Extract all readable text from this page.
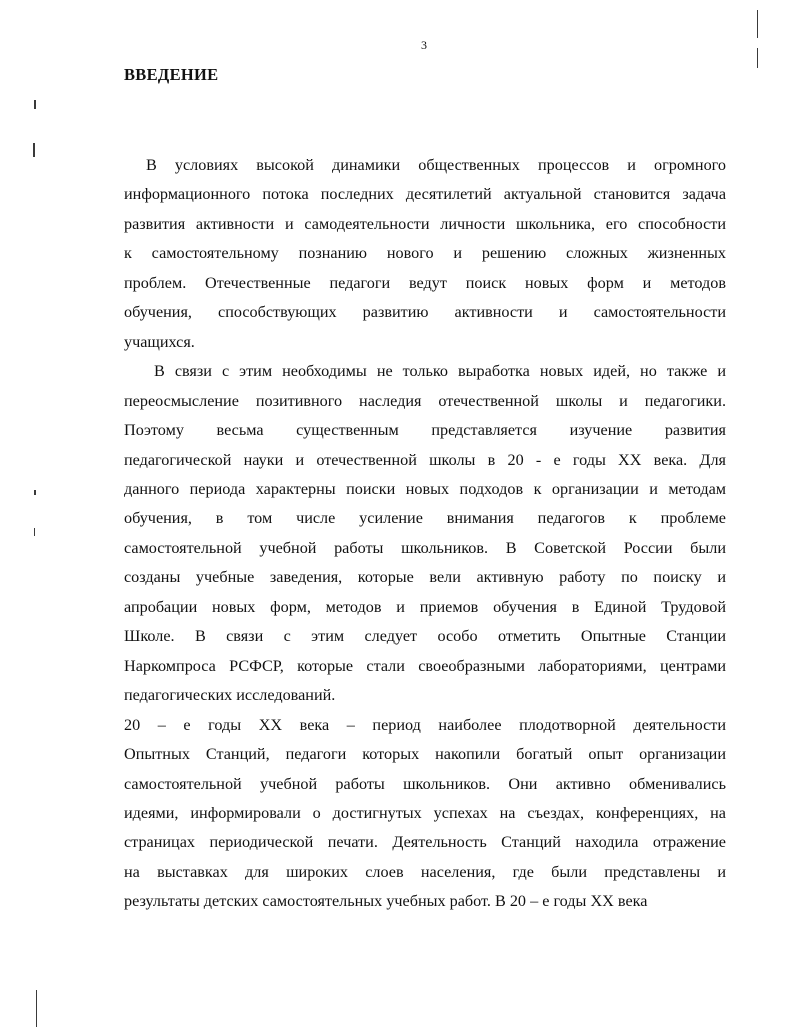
3
ВВЕДЕНИЕ
В условиях высокой динамики общественных процессов и огромного
информационного потока последних десятилетий актуальной становится задача
развития активности и самодеятельности личности школьника, его способности
к самостоятельному познанию нового и решению сложных жизненных
проблем. Отечественные педагоги ведут поиск новых форм и методов
обучения, способствующих развитию активности и самостоятельности
учащихся.
В связи с этим необходимы не только выработка новых идей, но также и
переосмысление позитивного наследия отечественной школы и педагогики.
Поэтому весьма существенным представляется изучение развития
педагогической науки и отечественной школы в 20 - е годы XX века. Для
данного периода характерны поиски новых подходов к организации и методам
обучения, в том числе усиление внимания педагогов к проблеме
самостоятельной учебной работы школьников. В Советской России были
созданы учебные заведения, которые вели активную работу по поиску и
апробации новых форм, методов и приемов обучения в Единой Трудовой
Школе. В связи с этим следует особо отметить Опытные Станции
Наркомпроса РСФСР, которые стали своеобразными лабораториями, центрами
педагогических исследований.
20 – е годы XX века – период наиболее плодотворной деятельности
Опытных Станций, педагоги которых накопили богатый опыт организации
самостоятельной учебной работы школьников. Они активно обменивались
идеями, информировали о достигнутых успехах на съездах, конференциях, на
страницах периодической печати. Деятельность Станций находила отражение
на выставках для широких слоев населения, где были представлены и
результаты детских самостоятельных учебных работ. В 20 – е годы XX века
